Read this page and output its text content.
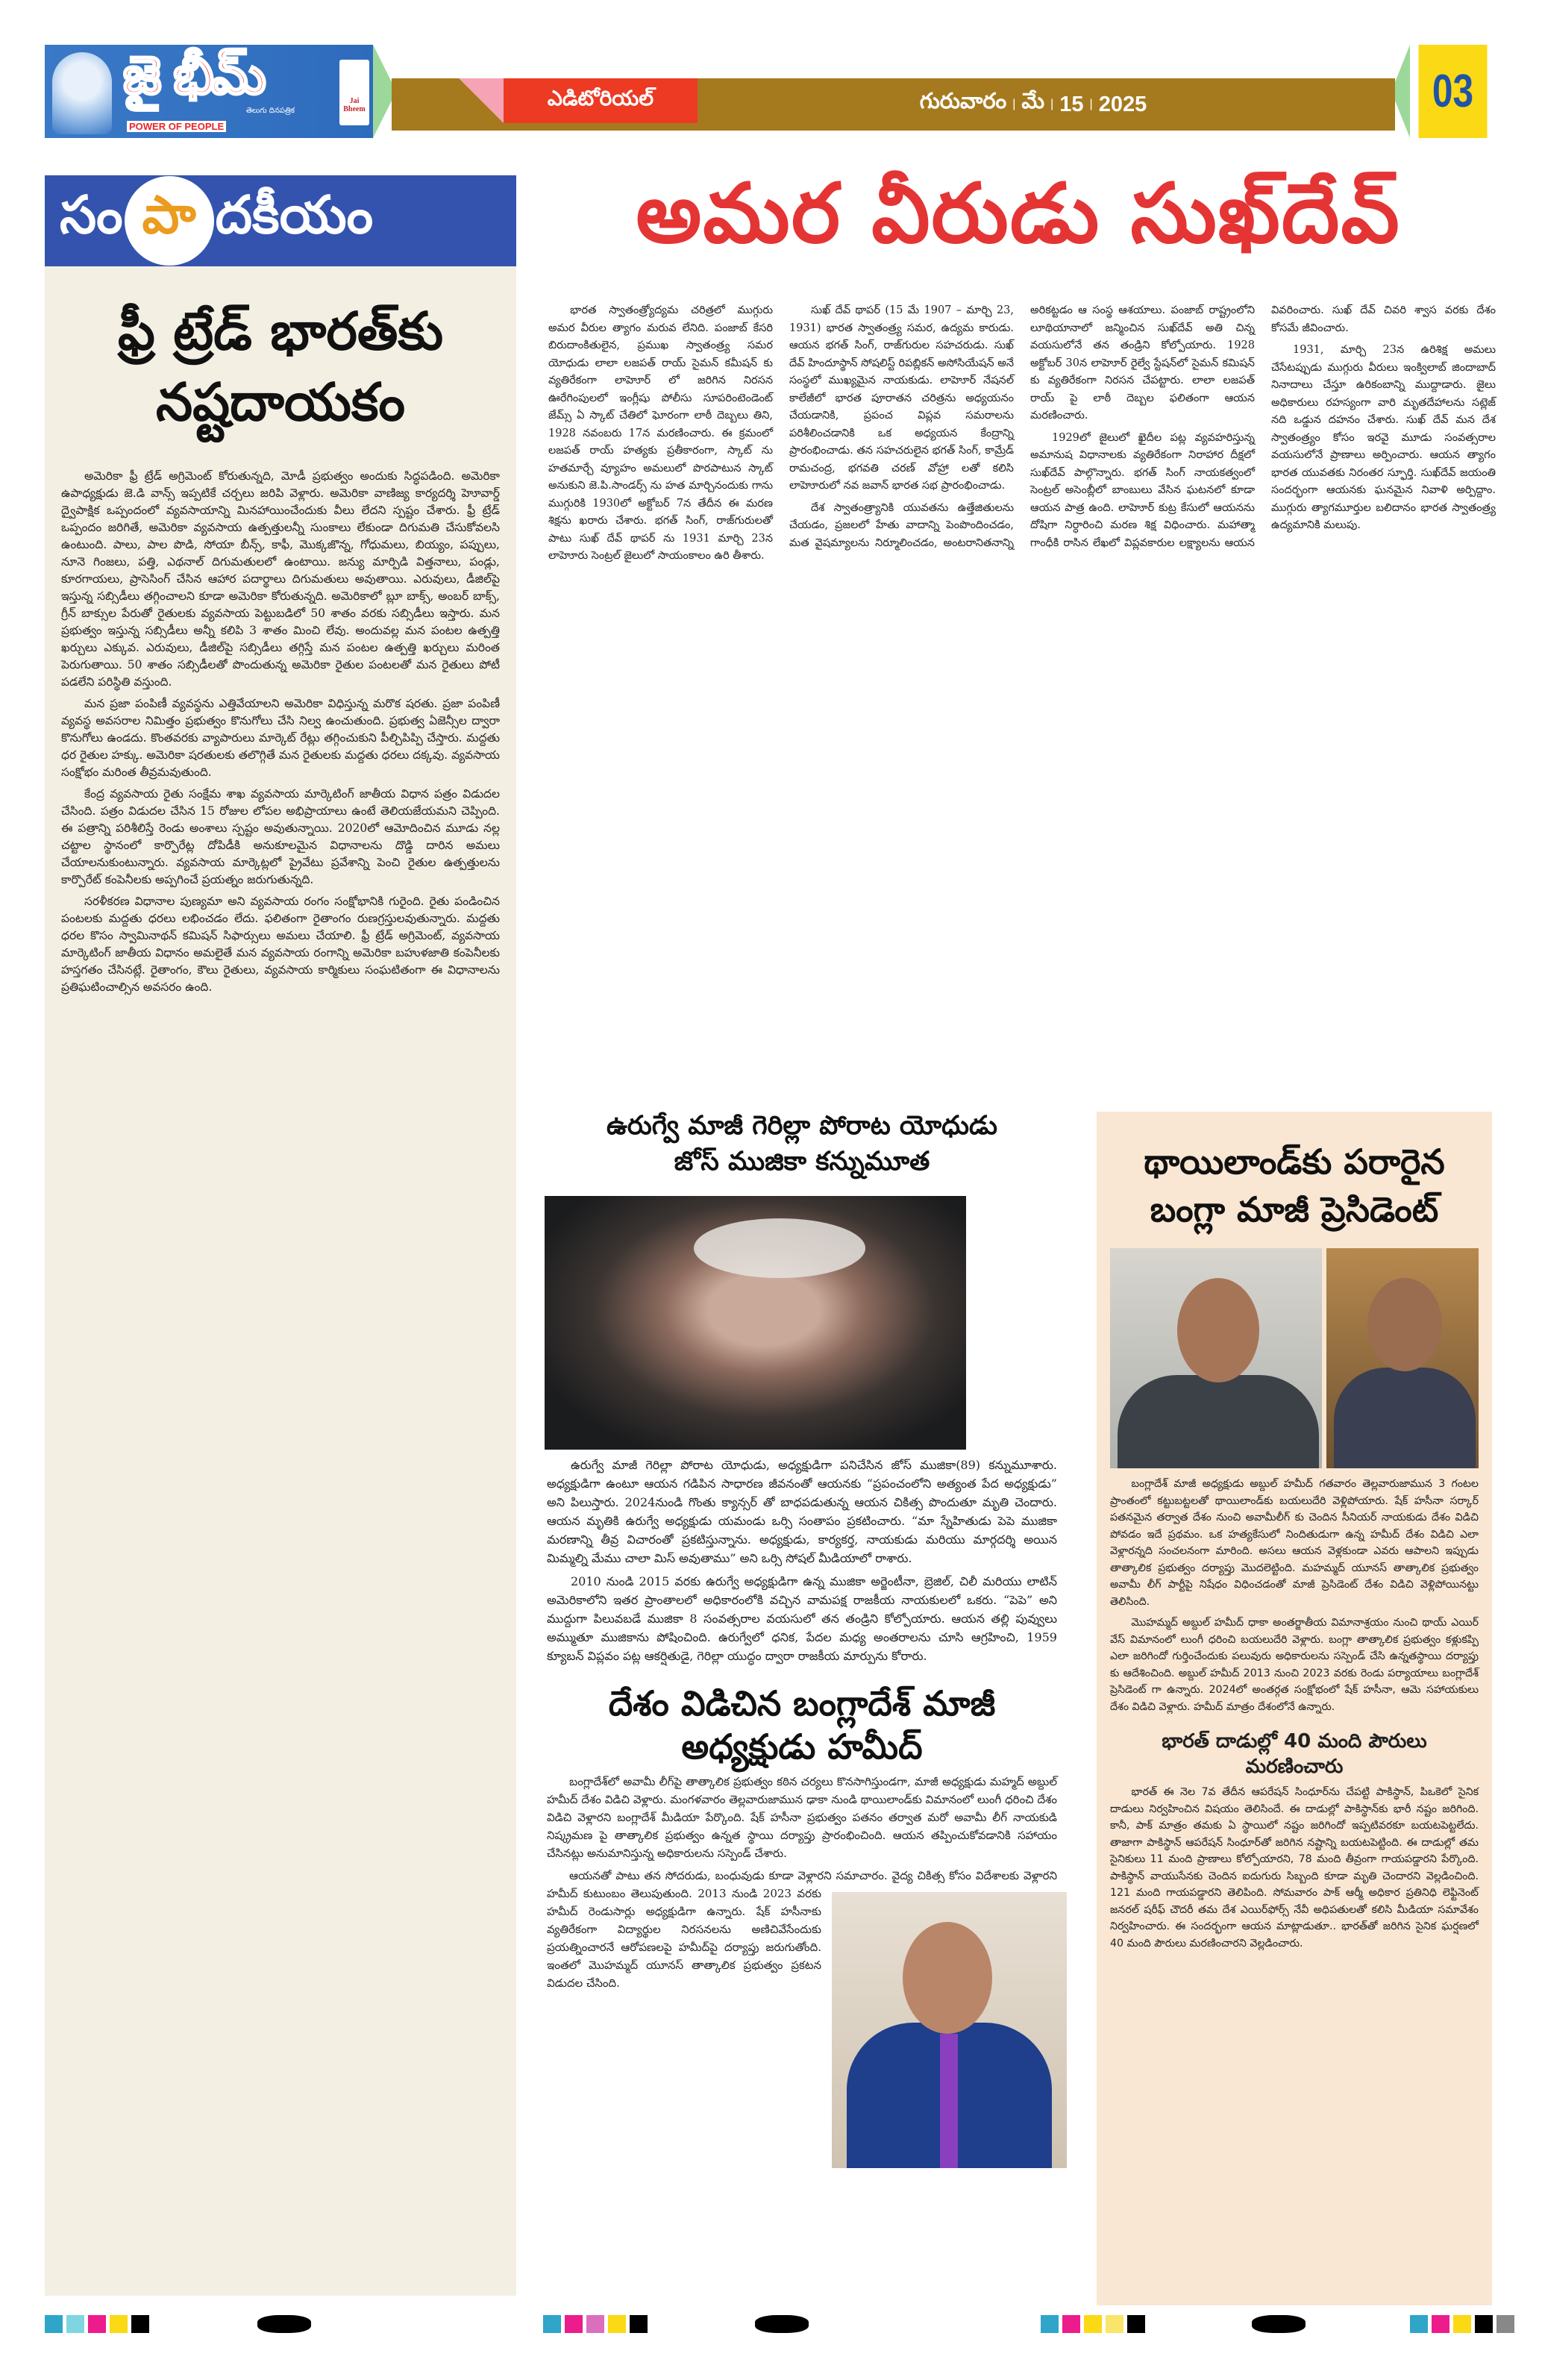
జై భీమ్
తెలుగు దినపత్రిక
POWER OF PEOPLE
Jai Bheem	ఎడిటోరియల్	గురువారం | మే | 15 | 2025	03
సం పా దకీయం
ఫ్రీ ట్రేడ్ భారత్‌కు నష్టదాయకం

అమెరికా ఫ్రీ ట్రేడ్ అగ్రిమెంట్ కోరుతున్నది, మోడీ ప్రభుత్వం అందుకు సిద్ధపడింది. అమెరికా ఉపాధ్యక్షుడు జె.డి వాన్స్ ఇప్పటికే చర్చలు జరిపి వెళ్లారు. అమెరికా వాణిజ్య కార్యదర్శి హెూవార్డ్ ద్వైపాక్షిక ఒప్పందంలో వ్యవసాయాన్ని మినహాయించేందుకు వీలు లేదని స్పష్టం చేశారు. ఫ్రీ ట్రేడ్ ఒప్పందం జరిగితే, అమెరికా వ్యవసాయ ఉత్పత్తులన్నీ సుంకాలు లేకుండా దిగుమతి చేసుకోవలసి ఉంటుంది. పాలు, పాల పొడి, సోయా బీన్స్, కాఫీ, మొక్కజొన్న, గోధుమలు, బియ్యం, పప్పులు, నూనె గింజలు, పత్తి, ఎథనాల్ దిగుమతులలో ఉంటాయి. జన్యు మార్పిడి విత్తనాలు, పండ్లు, కూరగాయలు, ప్రాసెసింగ్ చేసిన ఆహార పదార్థాలు దిగుమతులు అవుతాయి. ఎరువులు, డీజిల్‌పై ఇస్తున్న సబ్సిడీలు తగ్గించాలని కూడా అమెరికా కోరుతున్నది. అమెరికాలో బ్లూ బాక్స్, అంబర్ బాక్స్, గ్రీన్ బాక్సుల పేరుతో రైతులకు వ్యవసాయ పెట్టుబడిలో 50 శాతం వరకు సబ్సిడీలు ఇస్తారు. మన ప్రభుత్వం ఇస్తున్న సబ్సిడీలు అన్నీ కలిపి 3 శాతం మించి లేవు. అందువల్ల మన పంటల ఉత్పత్తి ఖర్చులు ఎక్కువ. ఎరువులు, డీజిల్‌పై సబ్సిడీలు తగ్గిస్తే మన పంటల ఉత్పత్తి ఖర్చులు మరింత పెరుగుతాయి. 50 శాతం సబ్సిడీలతో పొందుతున్న అమెరికా రైతుల పంటలతో మన రైతులు పోటీ పడలేని పరిస్థితి వస్తుంది.

మన ప్రజా పంపిణీ వ్యవస్థను ఎత్తివేయాలని అమెరికా విధిస్తున్న మరొక షరతు. ప్రజా పంపిణీ వ్యవస్థ అవసరాల నిమిత్తం ప్రభుత్వం కొనుగోలు చేసి నిల్వ ఉంచుతుంది. ప్రభుత్వ ఏజెన్సీల ద్వారా కొనుగోలు ఉండదు. కొంతవరకు వ్యాపారులు మార్కెట్ రేట్లు తగ్గించుకుని పీల్చిపిప్పి చేస్తారు. మద్దతు ధర రైతుల హక్కు. అమెరికా షరతులకు తలొగ్గితే మన రైతులకు మద్దతు ధరలు దక్కవు. వ్యవసాయ సంక్షోభం మరింత తీవ్రమవుతుంది.

కేంద్ర వ్యవసాయ రైతు సంక్షేమ శాఖ వ్యవసాయ మార్కెటింగ్ జాతీయ విధాన పత్రం విడుదల చేసింది. పత్రం విడుదల చేసిన 15 రోజుల లోపల అభిప్రాయాలు ఉంటే తెలియజేయమని చెప్పింది. ఈ పత్రాన్ని పరిశీలిస్తే రెండు అంశాలు స్పష్టం అవుతున్నాయి. 2020లో ఆమోదించిన మూడు నల్ల చట్టాల స్థానంలో కార్పొరేట్ల దోపిడీకి అనుకూలమైన విధానాలను దొడ్డి దారిన అమలు చేయాలనుకుంటున్నారు. వ్యవసాయ మార్కెట్లలో ప్రైవేటు ప్రవేశాన్ని పెంచి రైతుల ఉత్పత్తులను కార్పొరేట్ కంపెనీలకు అప్పగించే ప్రయత్నం జరుగుతున్నది.

సరళీకరణ విధానాల పుణ్యమా అని వ్యవసాయ రంగం సంక్షోభానికి గురైంది. రైతు పండించిన పంటలకు మద్దతు ధరలు లభించడం లేదు. ఫలితంగా రైతాంగం రుణగ్రస్తులవుతున్నారు. మద్దతు ధరల కొసం స్వామినాథన్ కమిషన్ సిఫార్సులు అమలు చేయాలి. ఫ్రీ ట్రేడ్ అగ్రిమెంట్, వ్యవసాయ మార్కెటింగ్ జాతీయ విధానం అమలైతే మన వ్యవసాయ రంగాన్ని అమెరికా బహుళజాతి కంపెనీలకు హస్తగతం చేసినట్లే. రైతాంగం, కౌలు రైతులు, వ్యవసాయ కార్మికులు సంఘటితంగా ఈ విధానాలను ప్రతిఘటించాల్సిన అవసరం ఉంది.

అమర వీరుడు సుఖ్‌దేవ్

భారత స్వాతంత్ర్యోద్యమ చరిత్రలో ముగ్గురు అమర వీరుల త్యాగం మరువ లేనిది. పంజాబ్ కేసరి బిరుదాంకితులైన, ప్రముఖ స్వాతంత్ర్య సమర యోధుడు లాలా లజపత్ రాయ్ సైమన్ కమీషన్ కు వ్యతిరేకంగా లాహెూర్ లో జరిగిన నిరసన ఊరేగింపులలో ఇంగ్లీషు పోలీసు సూపరింటెండెంట్ జేమ్స్ ఏ స్కాట్ చేతిలో ఘోరంగా లాఠీ దెబ్బలు తిని, 1928 నవంబరు 17న మరణించారు. ఈ క్రమంలో లజపత్ రాయ్ హత్యకు ప్రతీకారంగా, స్కాట్ ను హతమార్చే వ్యూహం అమలులో పొరపాటున స్కాట్ అనుకుని జె.పి.సాండర్స్ ను హత మార్చినందుకు గాను ముగ్గురికి 1930లో అక్టోబర్ 7న తేదీన ఈ మరణ శిక్షను ఖరారు చేశారు. భగత్ సింగ్, రాజ్‌గురులతో పాటు సుఖ్ దేవ్ థాపర్ ను 1931 మార్చి 23న లాహెూరు సెంట్రల్ జైలులో సాయంకాలం ఉరి తీశారు.

సుఖ్ దేవ్ థాపర్ (15 మే 1907 – మార్చి 23, 1931) భారత స్వాతంత్ర్య సమర, ఉద్యమ కారుడు. ఆయన భగత్ సింగ్, రాజ్‌గురుల సహచరుడు. సుఖ్ దేవ్ హిందూస్థాన్ సోషలిస్ట్ రిపబ్లికన్ అసోసియేషన్ అనే సంస్థలో ముఖ్యమైన నాయకుడు. లాహెూర్ నేషనల్ కాలేజీలో భారత పూరాతన చరిత్రను అధ్యయనం చేయడానికి, ప్రపంచ విప్లవ సమరాలను పరిశీలించడానికి ఒక అధ్యయన కేంద్రాన్ని ప్రారంభించాడు. తన సహచరులైన భగత్ సింగ్, కామ్రేడ్ రామచంద్ర, భగవతి చరణ్ వోహ్రా లతో కలిసి లాహెూరులో నవ జవాన్ భారత సభ ప్రారంభించాడు.

దేశ స్వాతంత్ర్యానికి యువతను ఉత్తేజితులను చేయడం, ప్రజలలో హేతు వాదాన్ని పెంపొందించడం, మత వైషమ్యాలను నిర్మూలించడం, అంటరానితనాన్ని అరికట్టడం ఆ సంస్థ ఆశయాలు. పంజాబ్ రాష్ట్రంలోని లూథియానాలో జన్మించిన సుఖ్‌దేవ్ అతి చిన్న వయసులోనే తన తండ్రిని కోల్పోయారు. 1928 అక్టోబర్ 30న లాహెూర్ రైల్వే స్టేషన్‌లో సైమన్ కమిషన్ కు వ్యతిరేకంగా నిరసన చేపట్టారు. లాలా లజపత్ రాయ్ పై లాఠీ దెబ్బల ఫలితంగా ఆయన మరణించారు.

1929లో జైలులో ఖైదీల పట్ల వ్యవహరిస్తున్న అమానుష విధానాలకు వ్యతిరేకంగా నిరాహార దీక్షలో సుఖ్‌దేవ్ పాల్గొన్నారు. భగత్ సింగ్ నాయకత్వంలో సెంట్రల్ అసెంబ్లీలో బాంబులు వేసిన ఘటనలో కూడా ఆయన పాత్ర ఉంది. లాహెూర్ కుట్ర కేసులో ఆయనను దోషిగా నిర్ధారించి మరణ శిక్ష విధించారు. మహాత్మా గాంధీకి రాసిన లేఖలో విప్లవకారుల లక్ష్యాలను ఆయన వివరించారు. సుఖ్ దేవ్ చివరి శ్వాస వరకు దేశం కోసమే జీవించారు.

1931, మార్చి 23న ఉరిశిక్ష అమలు చేసేటప్పుడు ముగ్గురు వీరులు ఇంక్విలాబ్ జిందాబాద్ నినాదాలు చేస్తూ ఉరికంబాన్ని ముద్దాడారు. జైలు అధికారులు రహస్యంగా వారి మృతదేహాలను సట్లెజ్ నది ఒడ్డున దహనం చేశారు. సుఖ్ దేవ్ మన దేశ స్వాతంత్ర్యం కోసం ఇరవై మూడు సంవత్సరాల వయసులోనే ప్రాణాలు అర్పించారు. ఆయన త్యాగం భారత యువతకు నిరంతర స్ఫూర్తి. సుఖ్‌దేవ్ జయంతి సందర్భంగా ఆయనకు ఘనమైన నివాళి అర్పిద్దాం. ముగ్గురు త్యాగమూర్తుల బలిదానం భారత స్వాతంత్ర్య ఉద్యమానికి మలుపు.

ఉరుగ్వే మాజీ గెరిల్లా పోరాట యోధుడు
జోస్ ముజికా కన్నుమూత

ఉరుగ్వే మాజీ గెరిల్లా పోరాట యోధుడు, అధ్యక్షుడిగా పనిచేసిన జోస్ ముజికా(89) కన్నుమూశారు. అధ్యక్షుడిగా ఉంటూ ఆయన గడిపిన సాధారణ జీవనంతో ఆయనకు “ప్రపంచంలోని అత్యంత పేద అధ్యక్షుడు” అని పిలుస్తారు. 2024నుండి గొంతు క్యాన్సర్ తో బాధపడుతున్న ఆయన చికిత్స పొందుతూ మృతి చెందారు. ఆయన మృతికి ఉరుగ్వే అధ్యక్షుడు యమండు ఒర్సి సంతాపం ప్రకటించారు. “మా స్నేహితుడు పెపె ముజికా మరణాన్ని తీవ్ర విచారంతో ప్రకటిస్తున్నాను. అధ్యక్షుడు, కార్యకర్త, నాయకుడు మరియు మార్గదర్శి అయిన మిమ్మల్ని మేము చాలా మిస్ అవుతాము” అని ఒర్సి సోషల్ మీడియాలో రాశారు.

2010 నుండి 2015 వరకు ఉరుగ్వే అధ్యక్షుడిగా ఉన్న ముజికా అర్జెంటీనా, బ్రెజిల్, చిలీ మరియు లాటిన్ అమెరికాలోని ఇతర ప్రాంతాలలో అధికారంలోకి వచ్చిన వామపక్ష రాజకీయ నాయకులలో ఒకరు. “పెపె” అని ముద్దుగా పిలువబడే ముజికా 8 సంవత్సరాల వయసులో తన తండ్రిని కోల్పోయారు. ఆయన తల్లి పువ్వులు అమ్ముతూ ముజికాను పోషించింది. ఉరుగ్వేలో ధనిక, పేదల మధ్య అంతరాలను చూసి ఆగ్రహించి, 1959 క్యూబన్ విప్లవం పట్ల ఆకర్షితుడై, గెరిల్లా యుద్ధం ద్వారా రాజకీయ మార్పును కోరారు.

దేశం విడిచిన బంగ్లాదేశ్ మాజీ
అధ్యక్షుడు హమీద్

బంగ్లాదేశ్‌లో అవామీ లీగ్‌పై తాత్కాలిక ప్రభుత్వం కఠిన చర్యలు కొనసాగిస్తుండగా, మాజీ అధ్యక్షుడు మహ్మద్ అబ్దుల్ హమీద్ దేశం విడిచి వెళ్లారు. మంగళవారం తెల్లవారుజామున ఢాకా నుండి థాయిలాండ్‌కు విమానంలో లుంగీ ధరించి దేశం విడిచి వెళ్లారని బంగ్లాదేశ్ మీడియా పేర్కొంది. షేక్ హసీనా ప్రభుత్వం పతనం తర్వాత మరో అవామీ లీగ్ నాయకుడి నిష్క్రమణ పై తాత్కాలిక ప్రభుత్వం ఉన్నత స్థాయి దర్యాప్తు ప్రారంభించింది. ఆయన తప్పించుకోవడానికి సహాయం చేసినట్లు అనుమానిస్తున్న అధికారులను సస్పెండ్ చేశారు.

ఆయనతో పాటు తన సోదరుడు, బంధువుడు కూడా వెళ్లారని సమాచారం. వైద్య చికిత్స కోసం విదేశాలకు వెళ్లారని హమీద్ కుటుంబం తెలుపుతుంది. 2013 నుండి 2023 వరకు హమీద్ రెండుసార్లు అధ్యక్షుడిగా ఉన్నారు. షేక్ హసీనాకు వ్యతిరేకంగా విద్యార్థుల నిరసనలను అణిచివేసేందుకు ప్రయత్నించారనే ఆరోపణలపై హమీద్‌పై దర్యాప్తు జరుగుతోంది. ఇంతలో మొహమ్మద్ యూనస్ తాత్కాలిక ప్రభుత్వం ప్రకటన విడుదల చేసింది.

థాయిలాండ్‌కు పరారైన
బంగ్లా మాజీ ప్రెసిడెంట్

బంగ్లాదేశ్ మాజీ అధ్యక్షుడు అబ్దుల్ హమీద్ గతవారం తెల్లవారుజామున 3 గంటల ప్రాంతంలో కట్టుబట్టలతో థాయిలాండ్‌కు బయలుదేరి వెళ్లిపోయారు. షేక్ హసీనా సర్కార్ పతనమైన తర్వాత దేశం నుంచి అవామీలీగ్ కు చెందిన సీనియర్ నాయకుడు దేశం విడిచి పోవడం ఇదే ప్రథమం. ఒక హత్యకేసులో నిందితుడుగా ఉన్న హమీద్ దేశం విడిచి ఎలా వెళ్లారన్నది సంచలనంగా మారింది. అసలు ఆయన వెళ్లకుండా ఎవరు ఆపాలని ఇప్పుడు తాత్కాలిక ప్రభుత్వం దర్యాప్తు మొదలెట్టింది. మహమ్మద్ యూనస్ తాత్కాలిక ప్రభుత్వం అవామీ లీగ్ పార్టీపై నిషేధం విధించడంతో మాజీ ప్రెసిడెంట్ దేశం విడిచి వెళ్లిపోయినట్టు తెలిసింది.

మొహమ్మద్ అబ్దుల్ హమీద్ ధాకా అంతర్జాతీయ విమానాశ్రయం నుంచి థాయ్ ఎయిర్ వేస్ విమానంలో లుంగీ ధరించి బయలుదేరి వెళ్లారు. బంగ్లా తాత్కాలిక ప్రభుత్వం కళ్లుకప్పి ఎలా జరిగిందో గుర్తించేందుకు పలువురు అధికారులను సస్పెండ్ చేసి ఉన్నతస్థాయి దర్యాప్తు కు ఆదేశించింది. అబ్దుల్ హమీద్ 2013 నుంచి 2023 వరకు రెండు పర్యాయాలు బంగ్లాదేశ్ ప్రెసిడెంట్ గా ఉన్నారు. 2024లో అంతర్గత సంక్షోభంలో షేక్ హసీనా, ఆమె సహాయకులు దేశం విడిచి వెళ్లారు. హమీద్ మాత్రం దేశంలోనే ఉన్నారు.

భారత్ దాడుల్లో 40 మంది పౌరులు మరణించారు

భారత్ ఈ నెల 7వ తేదీన ఆపరేషన్ సింధూర్‌ను చేపట్టి పాకిస్థాన్, పిఒకెలో సైనిక దాడులు నిర్వహించిన విషయం తెలిసిందే. ఈ దాడుల్లో పాకిస్థాన్‌కు భారీ నష్టం జరిగింది. కానీ, పాక్ మాత్రం తమకు ఏ స్థాయిలో నష్టం జరిగిందో ఇప్పటివరకూ బయటపెట్టలేదు. తాజాగా పాకిస్థాన్ ఆపరేషన్ సింధూర్‌తో జరిగిన నష్టాన్ని బయటపెట్టింది. ఈ దాడుల్లో తమ సైనికులు 11 మంది ప్రాణాలు కోల్పోయారని, 78 మంది తీవ్రంగా గాయపడ్డారని పేర్కొంది. పాకిస్థాన్ వాయుసేనకు చెందిన ఐదుగురు సిబ్బంది కూడా మృతి చెందారని వెల్లడించింది. 121 మంది గాయపడ్డారని తెలిపింది. సోమవారం పాక్ ఆర్మీ అధికార ప్రతినిధి లెఫ్టినెంట్ జనరల్ షరీఫ్ చౌదరీ తమ దేశ ఎయిర్‌ఫోర్స్ నేవీ అధిపతులతో కలిసి మీడియా సమావేశం నిర్వహించారు. ఈ సందర్భంగా ఆయన మాట్లాడుతూ.. భారత్‌తో జరిగిన సైనిక ఘర్షణలో 40 మంది పౌరులు మరణించారని వెల్లడించారు.
